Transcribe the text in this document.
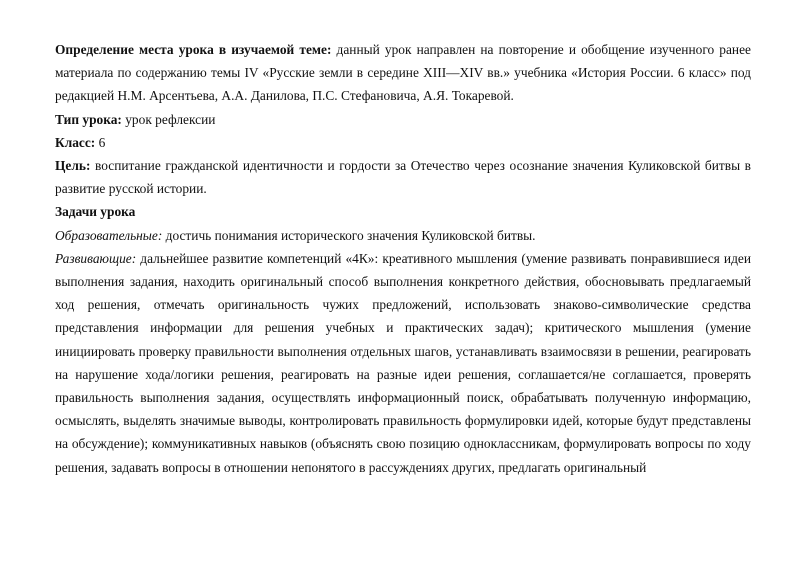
Определение места урока в изучаемой теме: данный урок направлен на повторение и обобщение изученного ранее материала по содержанию темы IV «Русские земли в середине XIII—XIV вв.» учебника «История России. 6 класс» под редакцией Н.М. Арсентьева, А.А. Данилова, П.С. Стефановича, А.Я. Токаревой.

Тип урока: урок рефлексии

Класс: 6

Цель: воспитание гражданской идентичности и гордости за Отечество через осознание значения Куликовской битвы в развитие русской истории.

Задачи урока

Образовательные: достичь понимания исторического значения Куликовской битвы.

Развивающие: дальнейшее развитие компетенций «4К»: креативного мышления (умение развивать понравившиеся идеи выполнения задания, находить оригинальный способ выполнения конкретного действия, обосновывать предлагаемый ход решения, отмечать оригинальность чужих предложений, использовать знаково-символические средства представления информации для решения учебных и практических задач); критического мышления (умение инициировать проверку правильности выполнения отдельных шагов, устанавливать взаимосвязи в решении, реагировать на нарушение хода/логики решения, реагировать на разные идеи решения, соглашается/не соглашается, проверять правильность выполнения задания, осуществлять информационный поиск, обрабатывать полученную информацию, осмыслять, выделять значимые выводы, контролировать правильность формулировки идей, которые будут представлены на обсуждение); коммуникативных навыков (объяснять свою позицию одноклассникам, формулировать вопросы по ходу решения, задавать вопросы в отношении непонятого в рассуждениях других, предлагать оригинальный
